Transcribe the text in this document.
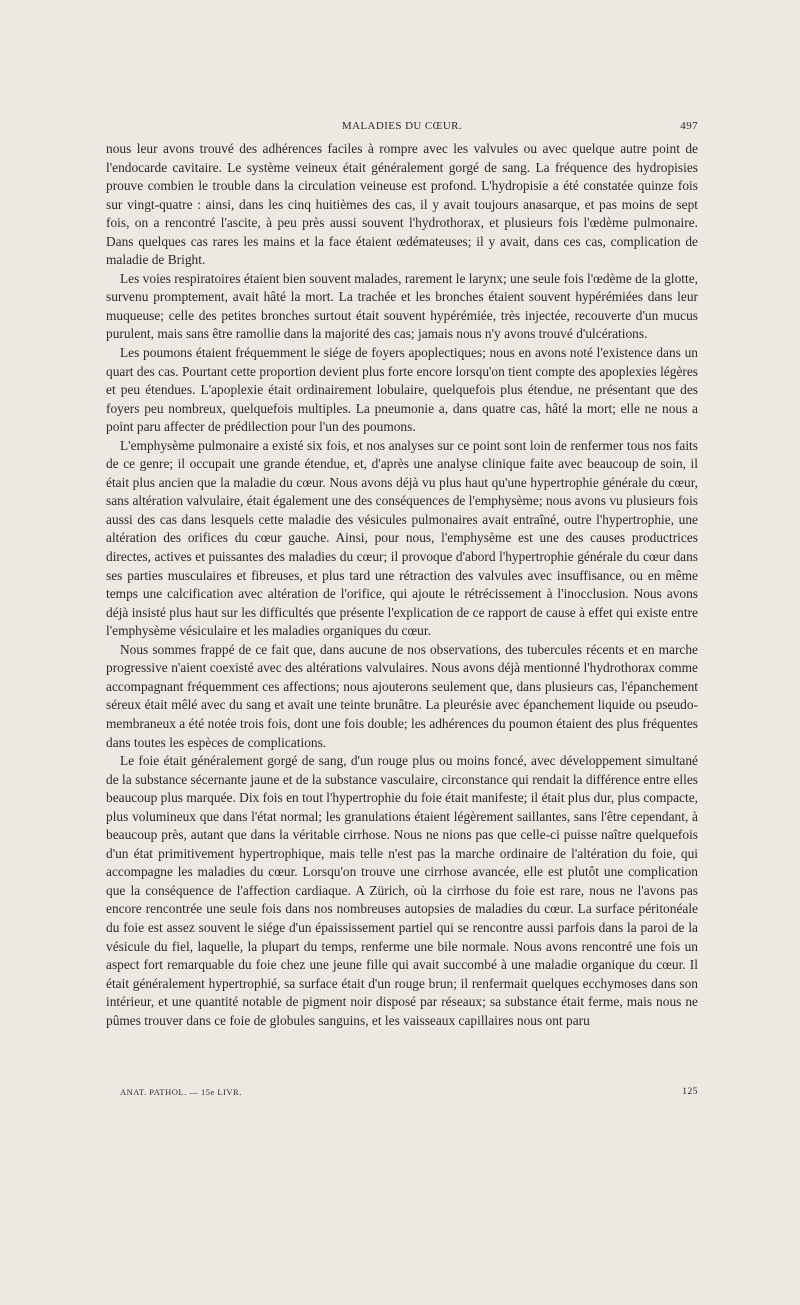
MALADIES DU CŒUR.	497

nous leur avons trouvé des adhérences faciles à rompre avec les valvules ou avec quelque autre point de l'endocarde cavitaire. Le système veineux était généralement gorgé de sang. La fréquence des hydropisies prouve combien le trouble dans la circulation veineuse est profond. L'hydropisie a été constatée quinze fois sur vingt-quatre : ainsi, dans les cinq huitièmes des cas, il y avait toujours anasarque, et pas moins de sept fois, on a rencontré l'ascite, à peu près aussi souvent l'hydrothorax, et plusieurs fois l'œdème pulmonaire. Dans quelques cas rares les mains et la face étaient œdémateuses; il y avait, dans ces cas, complication de maladie de Bright.

Les voies respiratoires étaient bien souvent malades, rarement le larynx; une seule fois l'œdème de la glotte, survenu promptement, avait hâté la mort. La trachée et les bronches étaient souvent hypérémiées dans leur muqueuse; celle des petites bronches surtout était souvent hypérémiée, très injectée, recouverte d'un mucus purulent, mais sans être ramollie dans la majorité des cas; jamais nous n'y avons trouvé d'ulcérations.

Les poumons étaient fréquemment le siége de foyers apoplectiques; nous en avons noté l'existence dans un quart des cas. Pourtant cette proportion devient plus forte encore lorsqu'on tient compte des apoplexies légères et peu étendues. L'apoplexie était ordinairement lobulaire, quelquefois plus étendue, ne présentant que des foyers peu nombreux, quelquefois multiples. La pneumonie a, dans quatre cas, hâté la mort; elle ne nous a point paru affecter de prédilection pour l'un des poumons.

L'emphysème pulmonaire a existé six fois, et nos analyses sur ce point sont loin de renfermer tous nos faits de ce genre; il occupait une grande étendue, et, d'après une analyse clinique faite avec beaucoup de soin, il était plus ancien que la maladie du cœur. Nous avons déjà vu plus haut qu'une hypertrophie générale du cœur, sans altération valvulaire, était également une des conséquences de l'emphysème; nous avons vu plusieurs fois aussi des cas dans lesquels cette maladie des vésicules pulmonaires avait entraîné, outre l'hypertrophie, une altération des orifices du cœur gauche. Ainsi, pour nous, l'emphysème est une des causes productrices directes, actives et puissantes des maladies du cœur; il provoque d'abord l'hypertrophie générale du cœur dans ses parties musculaires et fibreuses, et plus tard une rétraction des valvules avec insuffisance, ou en même temps une calcification avec altération de l'orifice, qui ajoute le rétrécissement à l'inocclusion. Nous avons déjà insisté plus haut sur les difficultés que présente l'explication de ce rapport de cause à effet qui existe entre l'emphysème vésiculaire et les maladies organiques du cœur.

Nous sommes frappé de ce fait que, dans aucune de nos observations, des tubercules récents et en marche progressive n'aient coexisté avec des altérations valvulaires. Nous avons déjà mentionné l'hydrothorax comme accompagnant fréquemment ces affections; nous ajouterons seulement que, dans plusieurs cas, l'épanchement séreux était mêlé avec du sang et avait une teinte brunâtre. La pleurésie avec épanchement liquide ou pseudo-membraneux a été notée trois fois, dont une fois double; les adhérences du poumon étaient des plus fréquentes dans toutes les espèces de complications.

Le foie était généralement gorgé de sang, d'un rouge plus ou moins foncé, avec développement simultané de la substance sécernante jaune et de la substance vasculaire, circonstance qui rendait la différence entre elles beaucoup plus marquée. Dix fois en tout l'hypertrophie du foie était manifeste; il était plus dur, plus compacte, plus volumineux que dans l'état normal; les granulations étaient légèrement saillantes, sans l'être cependant, à beaucoup près, autant que dans la véritable cirrhose. Nous ne nions pas que celle-ci puisse naître quelquefois d'un état primitivement hypertrophique, mais telle n'est pas la marche ordinaire de l'altération du foie, qui accompagne les maladies du cœur. Lorsqu'on trouve une cirrhose avancée, elle est plutôt une complication que la conséquence de l'affection cardiaque. A Zürich, où la cirrhose du foie est rare, nous ne l'avons pas encore rencontrée une seule fois dans nos nombreuses autopsies de maladies du cœur. La surface péritonéale du foie est assez souvent le siége d'un épaississement partiel qui se rencontre aussi parfois dans la paroi de la vésicule du fiel, laquelle, la plupart du temps, renferme une bile normale. Nous avons rencontré une fois un aspect fort remarquable du foie chez une jeune fille qui avait succombé à une maladie organique du cœur. Il était généralement hypertrophié, sa surface était d'un rouge brun; il renfermait quelques ecchymoses dans son intérieur, et une quantité notable de pigment noir disposé par réseaux; sa substance était ferme, mais nous ne pûmes trouver dans ce foie de globules sanguins, et les vaisseaux capillaires nous ont paru

ANAT. PATHOL. — 15e LIVR.	125
